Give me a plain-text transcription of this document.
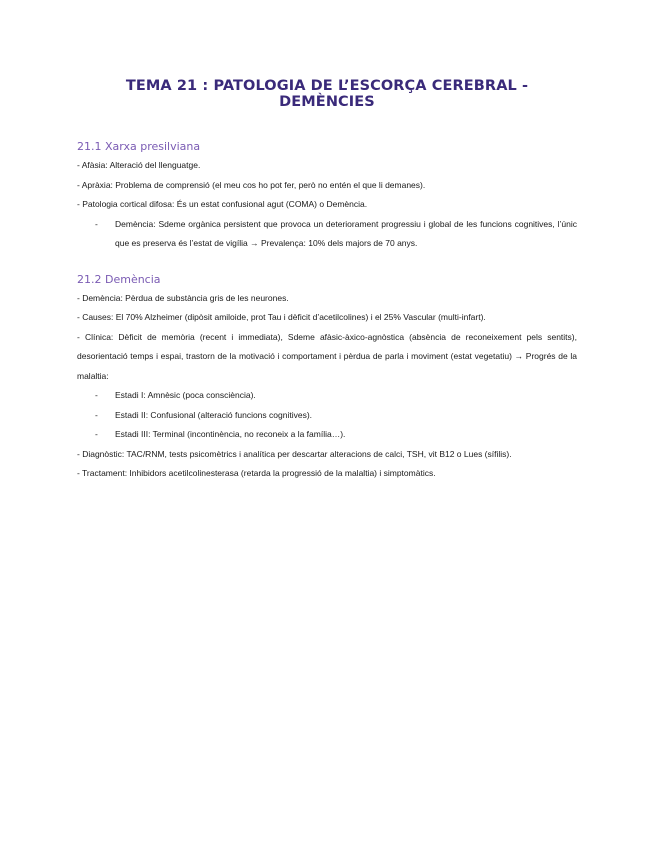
TEMA 21 : PATOLOGIA DE L’ESCORÇA CEREBRAL - DEMÈNCIES
21.1 Xarxa presilviana

- Afàsia: Alteració del llenguatge.

- Apràxia: Problema de comprensió (el meu cos ho pot fer, però no entén el que li demanes).

- Patologia cortical difosa: És un estat confusional agut (COMA) o Demència.

- Demència: Sdeme orgànica persistent que provoca un deteriorament progressiu i global de les funcions cognitives, l’únic que es preserva és l’estat de vigília → Prevalença: 10% dels majors de 70 anys.

21.2 Demència

- Demència: Pèrdua de substància gris de les neurones.

- Causes: El 70% Alzheimer (dipòsit amiloide, prot Tau i dèficit d’acetilcolines) i el 25% Vascular (multi-infart).

- Clínica: Dèficit de memòria (recent i immediata), Sdeme afàsic-àxico-agnòstica (absència de reconeixement pels sentits), desorientació temps i espai, trastorn de la motivació i comportament i pèrdua de parla i moviment (estat vegetatiu) → Progrés de la malaltia:

- Estadi I: Amnèsic (poca consciència).

- Estadi II: Confusional (alteració funcions cognitives).

- Estadi III: Terminal (incontinència, no reconeix a la família…).

- Diagnòstic: TAC/RNM, tests psicomètrics i analítica per descartar alteracions de calci, TSH, vit B12 o Lues (sífilis).

- Tractament: Inhibidors acetilcolinesterasa (retarda la progressió de la malaltia) i simptomàtics.
